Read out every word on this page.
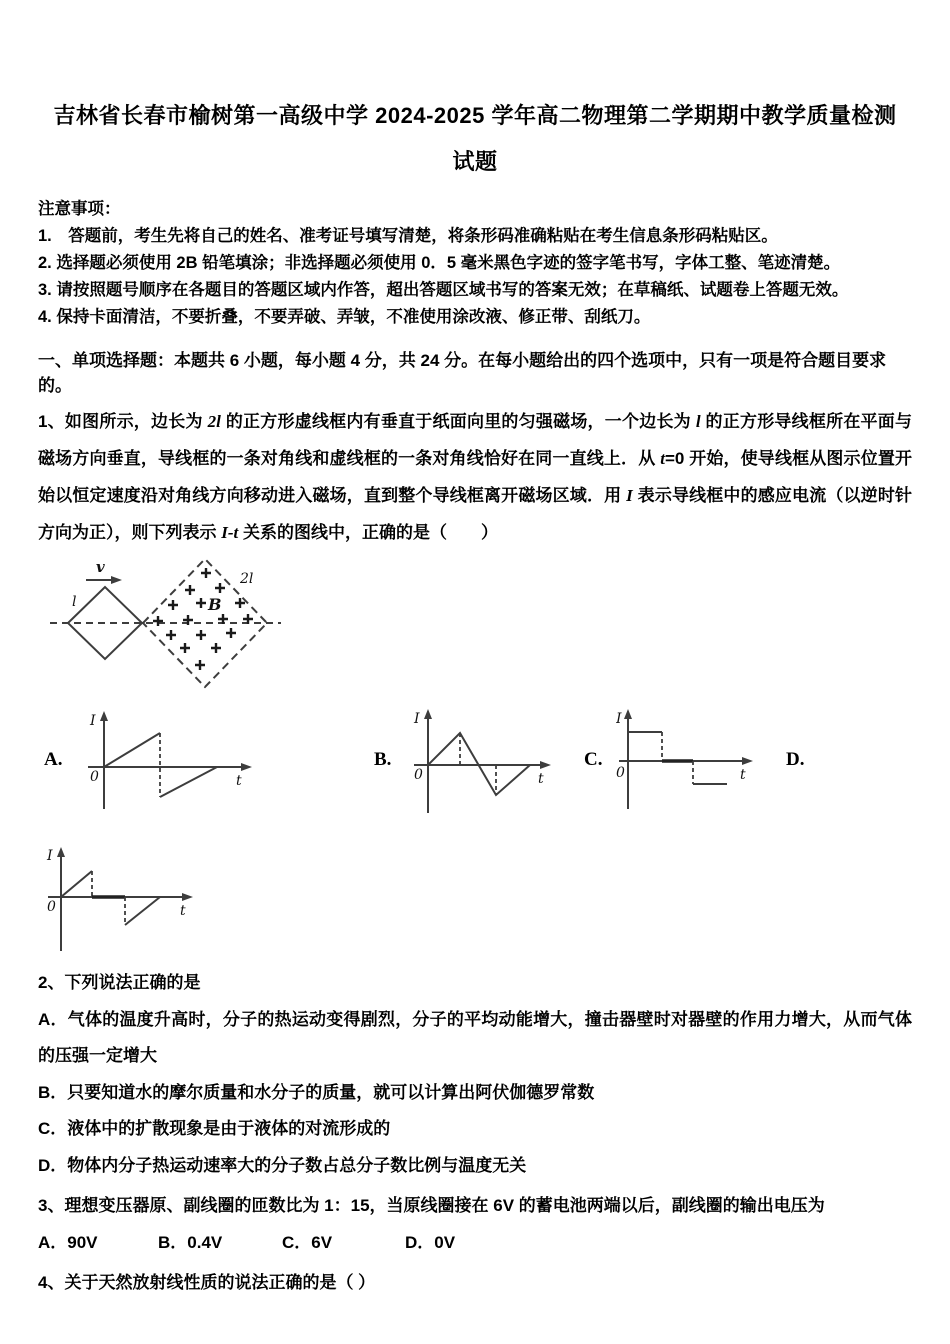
吉林省长春市榆树第一高级中学 2024-2025 学年高二物理第二学期期中教学质量检测
试题

注意事项：

1.　答题前，考生先将自己的姓名、准考证号填写清楚，将条形码准确粘贴在考生信息条形码粘贴区。

2. 选择题必须使用 2B 铅笔填涂；非选择题必须使用 0．5 毫米黑色字迹的签字笔书写，字体工整、笔迹清楚。

3. 请按照题号顺序在各题目的答题区域内作答，超出答题区域书写的答案无效；在草稿纸、试题卷上答题无效。

4. 保持卡面清洁，不要折叠，不要弄破、弄皱，不准使用涂改液、修正带、刮纸刀。

一、单项选择题：本题共 6 小题，每小题 4 分，共 24 分。在每小题给出的四个选项中，只有一项是符合题目要求的。

1、如图所示，边长为 2l 的正方形虚线框内有垂直于纸面向里的匀强磁场，一个边长为 l 的正方形导线框所在平面与磁场方向垂直，导线框的一条对角线和虚线框的一条对角线恰好在同一直线上．从 t=0 开始，使导线框从图示位置开始以恒定速度沿对角线方向移动进入磁场，直到整个导线框离开磁场区域．用 I 表示导线框中的感应电流（以逆时针方向为正），则下列表示 I-t 关系的图线中，正确的是（　　）

v
l
2l
B
A.
I
0	t
B.
I
0	t
C.
I
0	t
D.
I
0	t

2、下列说法正确的是

A．气体的温度升高时，分子的热运动变得剧烈，分子的平均动能增大，撞击器壁时对器壁的作用力增大，从而气体的压强一定增大

B．只要知道水的摩尔质量和水分子的质量，就可以计算出阿伏伽德罗常数

C．液体中的扩散现象是由于液体的对流形成的

D．物体内分子热运动速率大的分子数占总分子数比例与温度无关

3、理想变压器原、副线圈的匝数比为 1：15，当原线圈接在 6V 的蓄电池两端以后，副线圈的输出电压为

A．90V	B．0.4V	C．6V	D．0V

4、关于天然放射线性质的说法正确的是（ ）
